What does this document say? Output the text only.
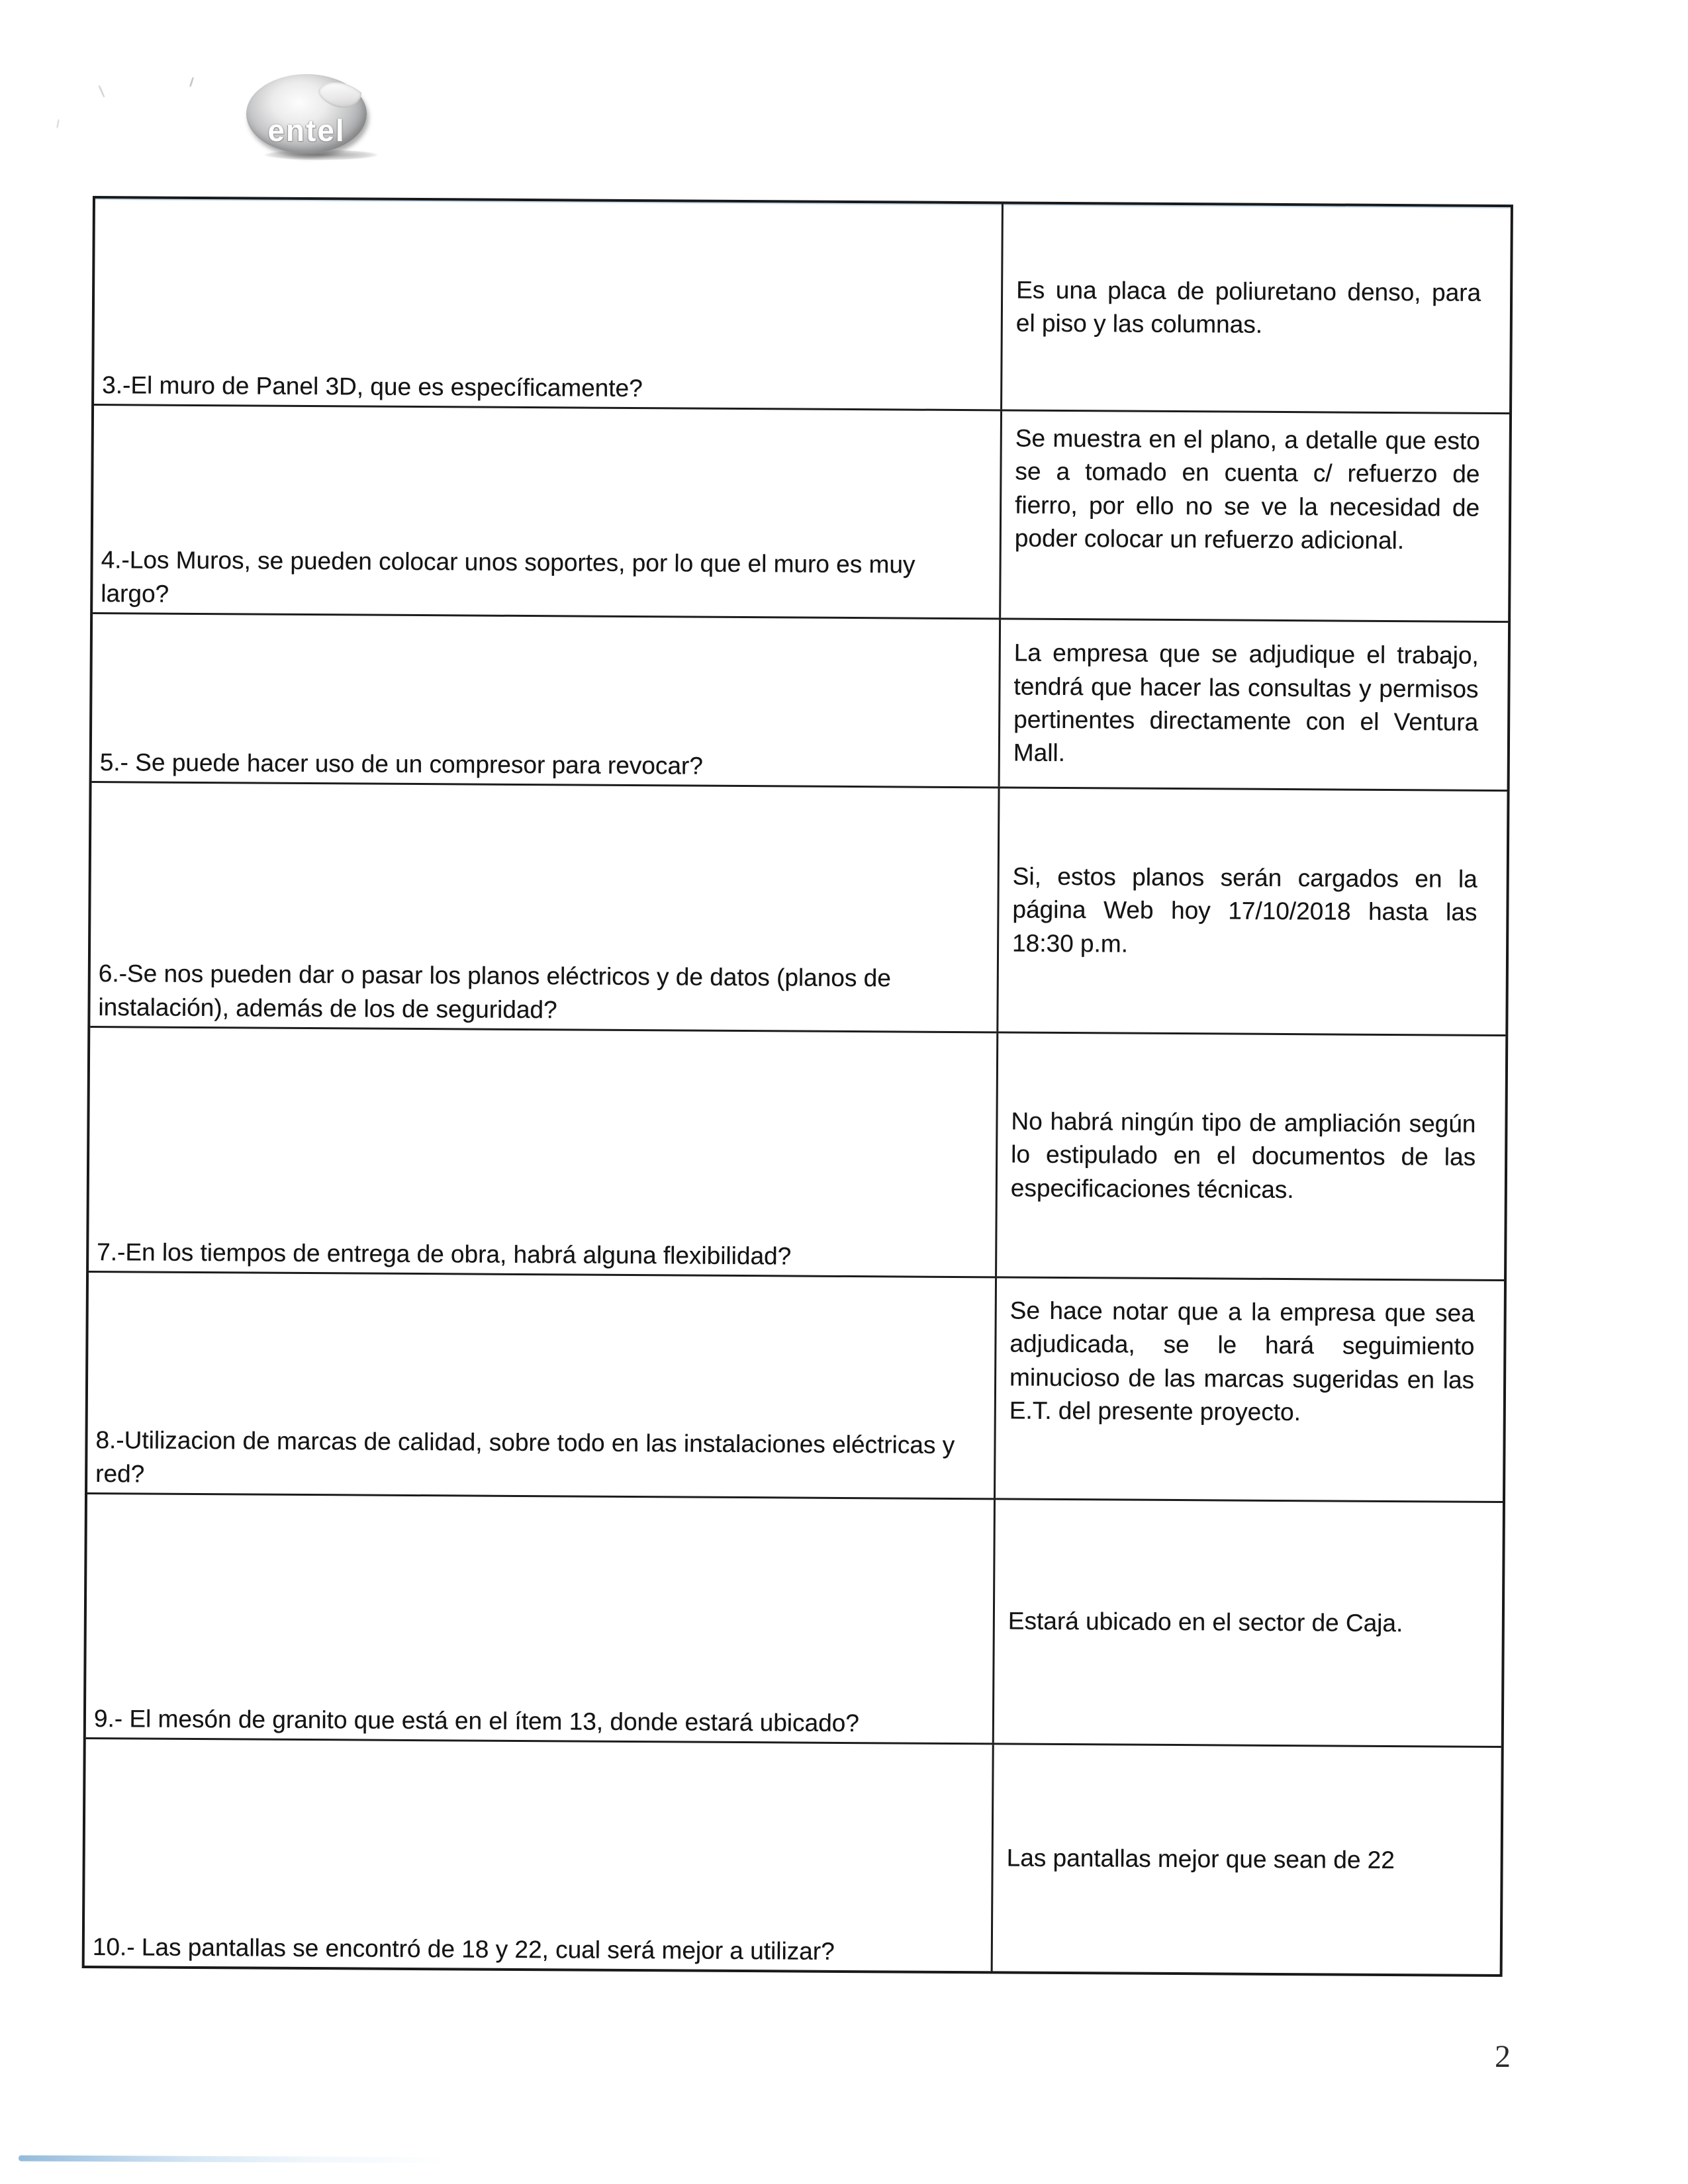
entel

3.-El muro de Panel 3D, que es específicamente?

Es una placa de poliuretano denso, para el piso y las columnas.

4.-Los Muros, se pueden colocar unos soportes, por lo que el muro es muy largo?

Se muestra en el plano, a detalle que esto se a tomado en cuenta c/ refuerzo de fierro, por ello no se ve la necesidad de poder colocar un refuerzo adicional.

5.- Se puede hacer uso de un compresor para revocar?

La empresa que se adjudique el trabajo, tendrá que hacer las consultas y permisos pertinentes directamente con el Ventura Mall.

6.-Se nos pueden dar o pasar los planos eléctricos y de datos (planos de instalación), además de los de seguridad?

Si, estos planos serán cargados en la página Web hoy 17/10/2018 hasta las 18:30 p.m.

7.-En los tiempos de entrega de obra, habrá alguna flexibilidad?

No habrá ningún tipo de ampliación según lo estipulado en el documentos de las especificaciones técnicas.

8.-Utilizacion de marcas de calidad, sobre todo en las instalaciones eléctricas y red?

Se hace notar que a la empresa que sea adjudicada, se le hará seguimiento minucioso de las marcas sugeridas en las E.T. del presente proyecto.

9.- El mesón de granito que está en el ítem 13, donde estará ubicado?

Estará ubicado en el sector de Caja.

10.- Las pantallas se encontró de 18 y 22, cual será mejor a utilizar?

Las pantallas mejor que sean de 22

2
